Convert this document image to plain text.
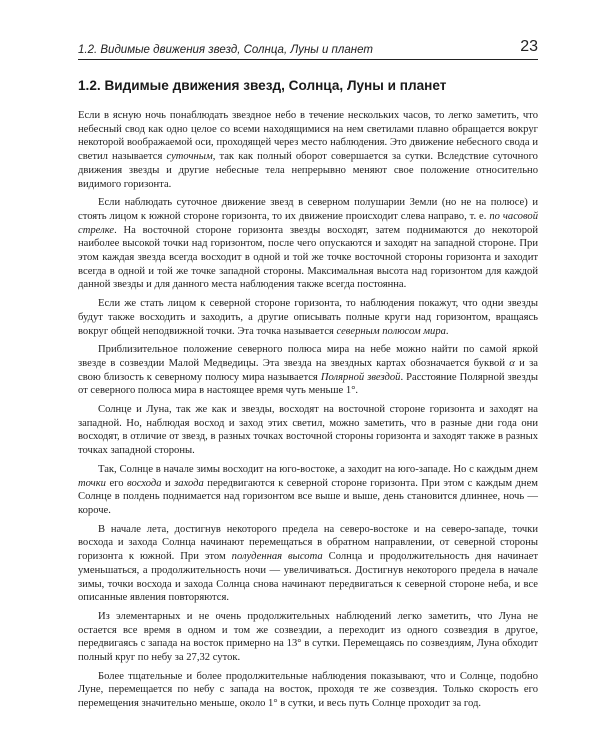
1.2. Видимые движения звезд, Солнца, Луны и планет	23
1.2. Видимые движения звезд, Солнца, Луны и планет

Если в ясную ночь понаблюдать звездное небо в течение нескольких часов, то легко заметить, что небесный свод как одно целое со всеми находящимися на нем светилами плавно обращается вокруг некоторой воображаемой оси, проходящей через место наблюдения. Это движение небесного свода и светил называется суточным, так как полный оборот совершается за сутки. Вследствие суточного движения звезды и другие небесные тела непрерывно меняют свое положение относительно видимого горизонта.

Если наблюдать суточное движение звезд в северном полушарии Земли (но не на полюсе) и стоять лицом к южной стороне горизонта, то их движение происходит слева направо, т. е. по часовой стрелке. На восточной стороне горизонта звезды восходят, затем поднимаются до некоторой наиболее высокой точки над горизонтом, после чего опускаются и заходят на западной стороне. При этом каждая звезда всегда восходит в одной и той же точке восточной стороны горизонта и заходит всегда в одной и той же точке западной стороны. Максимальная высота над горизонтом для каждой данной звезды и для данного места наблюдения также всегда постоянна.

Если же стать лицом к северной стороне горизонта, то наблюдения покажут, что одни звезды будут также восходить и заходить, а другие описывать полные круги над горизонтом, вращаясь вокруг общей неподвижной точки. Эта точка называется северным полюсом мира.

Приблизительное положение северного полюса мира на небе можно найти по самой яркой звезде в созвездии Малой Медведицы. Эта звезда на звездных картах обозначается буквой α и за свою близость к северному полюсу мира называется Полярной звездой. Расстояние Полярной звезды от северного полюса мира в настоящее время чуть меньше 1°.

Солнце и Луна, так же как и звезды, восходят на восточной стороне горизонта и заходят на западной. Но, наблюдая восход и заход этих светил, можно заметить, что в разные дни года они восходят, в отличие от звезд, в разных точках восточной стороны горизонта и заходят также в разных точках западной стороны.

Так, Солнце в начале зимы восходит на юго-востоке, а заходит на юго-западе. Но с каждым днем точки его восхода и захода передвигаются к северной стороне горизонта. При этом с каждым днем Солнце в полдень поднимается над горизонтом все выше и выше, день становится длиннее, ночь — короче.

В начале лета, достигнув некоторого предела на северо-востоке и на северо-западе, точки восхода и захода Солнца начинают перемещаться в обратном направлении, от северной стороны горизонта к южной. При этом полуденная высота Солнца и продолжительность дня начинает уменьшаться, а продолжительность ночи — увеличиваться. Достигнув некоторого предела в начале зимы, точки восхода и захода Солнца снова начинают передвигаться к северной стороне неба, и все описанные явления повторяются.

Из элементарных и не очень продолжительных наблюдений легко заметить, что Луна не остается все время в одном и том же созвездии, а переходит из одного созвездия в другое, передвигаясь с запада на восток примерно на 13° в сутки. Перемещаясь по созвездиям, Луна обходит полный круг по небу за 27,32 суток.

Более тщательные и более продолжительные наблюдения показывают, что и Солнце, подобно Луне, перемещается по небу с запада на восток, проходя те же созвездия. Только скорость его перемещения значительно меньше, около 1° в сутки, и весь путь Солнце проходит за год.
